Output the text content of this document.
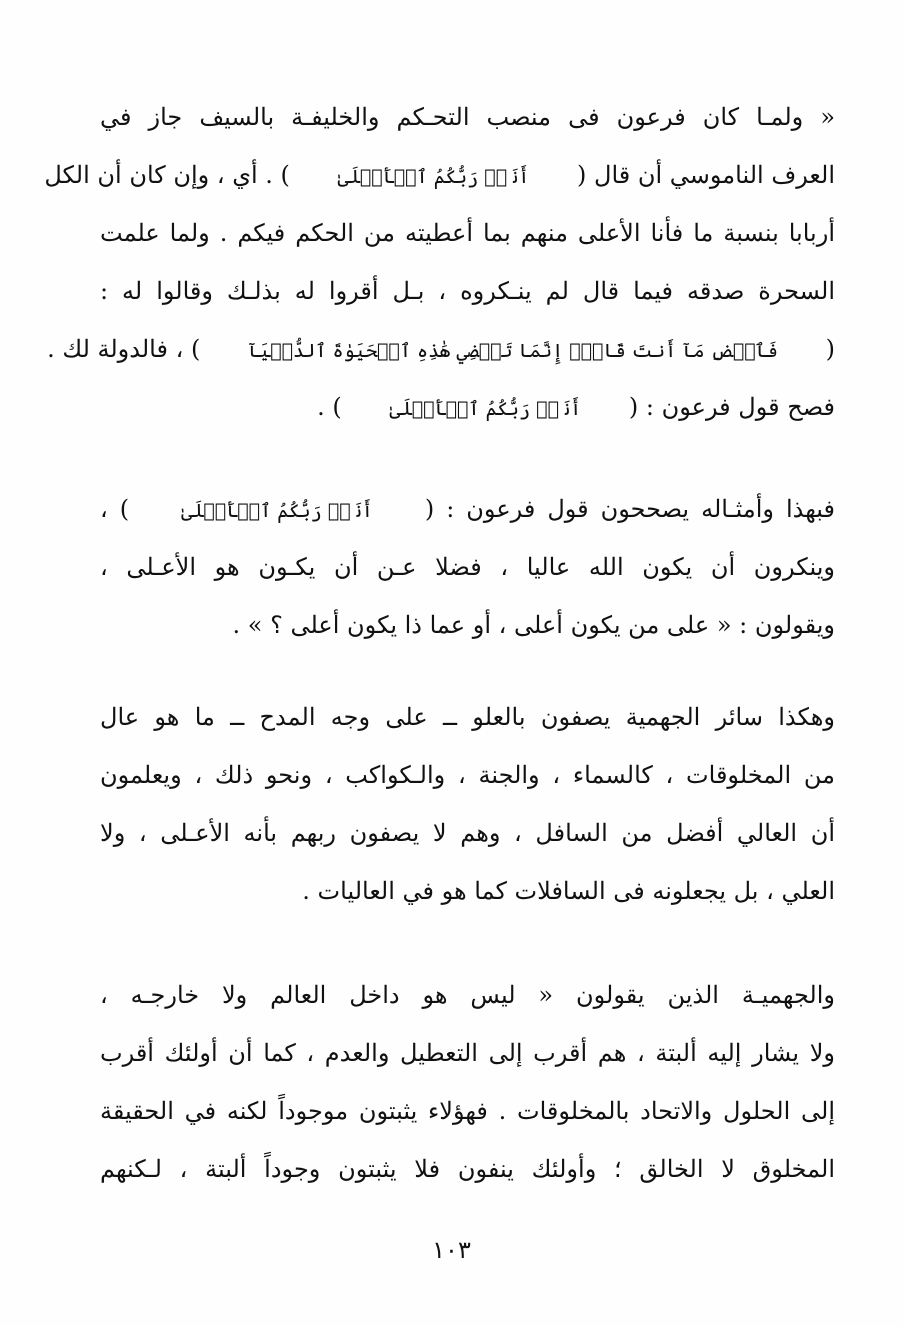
« ولمـا كان فرعون فى منصب التحـكم والخليفـة بالسيف جاز في
العرف الناموسي أن قال ( أَنَا۠ رَبُّكُمُ ٱلۡأَعۡلَىٰ ) . أي ، وإن كان أن الكل
أربابا بنسبة ما فأنا الأعلى منهم بما أعطيته من الحكم فيكم . ولما علمت
السحرة صدقه فيما قال لم ينـكروه ، بـل أقروا له بذلـك وقالوا له :
( فَٱقۡضِ مَآ أَنتَ قَاضٍۖ إِنَّمَا تَقۡضِي هَٰذِهِ ٱلۡحَيَوٰةَ ٱلدُّنۡيَآ ) ، فالدولة لك .
فصح قول فرعون : ( أَنَا۠ رَبُّكُمُ ٱلۡأَعۡلَىٰ ) .
فبهذا وأمثـاله يصححون قول فرعون : ( أَنَا۠ رَبُّكُمُ ٱلۡأَعۡلَىٰ ) ،
وينكرون أن يكون الله عاليا ، فضلا عـن أن يكـون هو الأعـلى ،
ويقولون : « على من يكون أعلى ، أو عما ذا يكون أعلى ؟ » .
وهكذا سائر الجهمية يصفون بالعلو ــ على وجه المدح ــ ما هو عال
من المخلوقات ، كالسماء ، والجنة ، والـكواكب ، ونحو ذلك ، ويعلمون
أن العالي أفضل من السافل ، وهم لا يصفون ربهم بأنه الأعـلى ، ولا
العلي ، بل يجعلونه فى السافلات كما هو في العاليات .
والجهميـة الذين يقولون « ليس هو داخل العالم ولا خارجـه ،
ولا يشار إليه ألبتة ، هم أقرب إلى التعطيل والعدم ، كما أن أولئك أقرب
إلى الحلول والاتحاد بالمخلوقات . فهؤلاء يثبتون موجوداً لكنه في الحقيقة
المخلوق لا الخالق ؛ وأولئك ينفون فلا يثبتون وجوداً ألبتة ، لـكنهم
١٠٣
